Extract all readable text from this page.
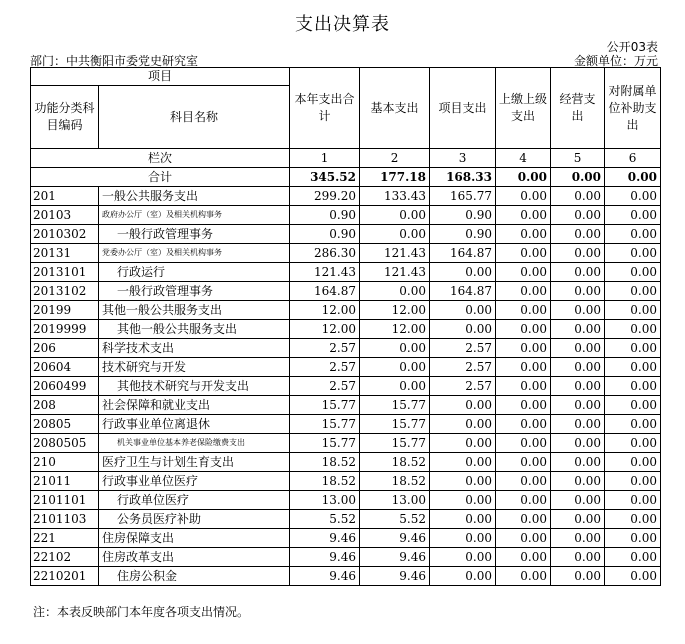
支出决算表
公开03表
部门：中共衡阳市委党史研究室	金额单位：万元
项目		本年支出合计	基本支出	项目支出	上缴上级支出	经营支出	对附属单位补助支出
功能分类科目编码	科目名称						
栏次		1	2	3	4	5	6
合计		345.52	177.18	168.33	0.00	0.00	0.00
201	一般公共服务支出	299.20	133.43	165.77	0.00	0.00	0.00
20103	政府办公厅（室）及相关机构事务	0.90	0.00	0.90	0.00	0.00	0.00
2010302	一般行政管理事务	0.90	0.00	0.90	0.00	0.00	0.00
20131	党委办公厅（室）及相关机构事务	286.30	121.43	164.87	0.00	0.00	0.00
2013101	行政运行	121.43	121.43	0.00	0.00	0.00	0.00
2013102	一般行政管理事务	164.87	0.00	164.87	0.00	0.00	0.00
20199	其他一般公共服务支出	12.00	12.00	0.00	0.00	0.00	0.00
2019999	其他一般公共服务支出	12.00	12.00	0.00	0.00	0.00	0.00
206	科学技术支出	2.57	0.00	2.57	0.00	0.00	0.00
20604	技术研究与开发	2.57	0.00	2.57	0.00	0.00	0.00
2060499	其他技术研究与开发支出	2.57	0.00	2.57	0.00	0.00	0.00
208	社会保障和就业支出	15.77	15.77	0.00	0.00	0.00	0.00
20805	行政事业单位离退休	15.77	15.77	0.00	0.00	0.00	0.00
2080505	机关事业单位基本养老保险缴费支出	15.77	15.77	0.00	0.00	0.00	0.00
210	医疗卫生与计划生育支出	18.52	18.52	0.00	0.00	0.00	0.00
21011	行政事业单位医疗	18.52	18.52	0.00	0.00	0.00	0.00
2101101	行政单位医疗	13.00	13.00	0.00	0.00	0.00	0.00
2101103	公务员医疗补助	5.52	5.52	0.00	0.00	0.00	0.00
221	住房保障支出	9.46	9.46	0.00	0.00	0.00	0.00
22102	住房改革支出	9.46	9.46	0.00	0.00	0.00	0.00
2210201	住房公积金	9.46	9.46	0.00	0.00	0.00	0.00
注：本表反映部门本年度各项支出情况。
